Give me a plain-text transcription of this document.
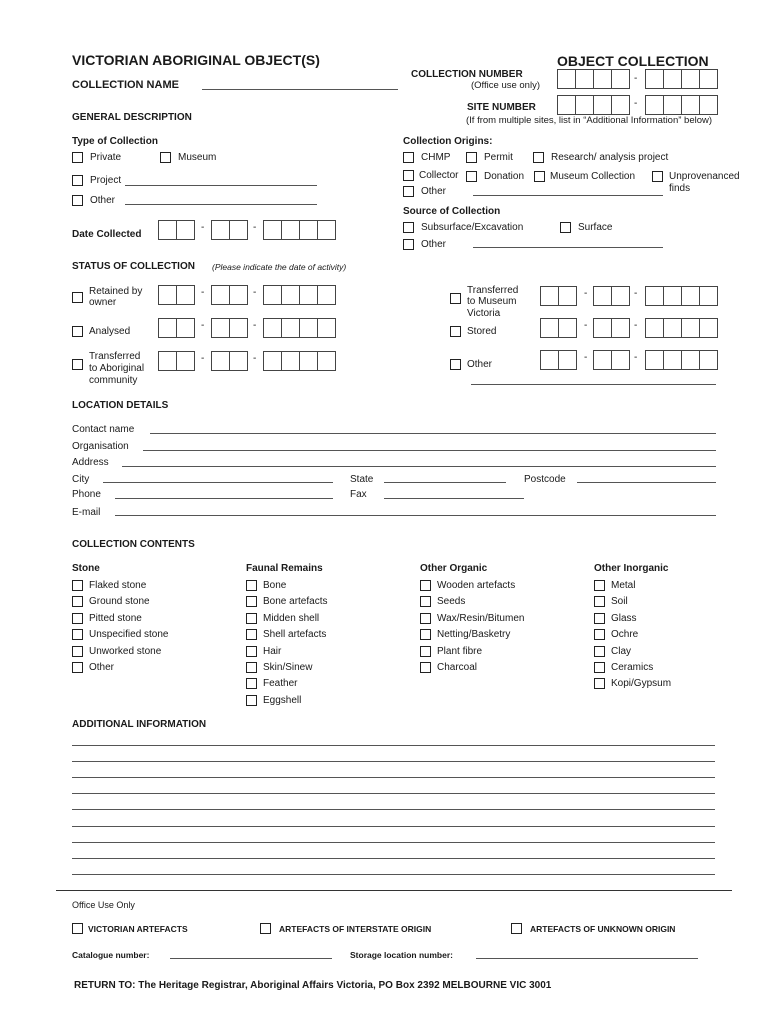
VICTORIAN ABORIGINAL OBJECT(S)	OBJECT COLLECTION
COLLECTION NAME
COLLECTION NUMBER
(Office use only)
-
SITE NUMBER	-
(If from multiple sites, list in “Additional Information” below)
GENERAL DESCRIPTION
Type of Collection
Private	Museum
Project
Other
Collection Origins:
CHMP	Permit	Research/ analysis project
Collector	Donation	Museum Collection	Unprovenanced
finds
Other
Source of Collection
Subsurface/Excavation	Surface
Other
Date Collected
-	-
STATUS OF COLLECTION (Please indicate the date of activity)
Retained by
owner
-	-
Analysed
-	-
Transferred
to Aboriginal
community
-	-
Transferred
to Museum
Victoria
-	-
Stored
-	-
Other
-	-
LOCATION DETAILS
Contact name
Organisation
Address
City	State	Postcode
Phone	Fax
E-mail
COLLECTION CONTENTS
Stone
Flaked stone
Ground stone
Pitted stone
Unspecified stone
Unworked stone
Other
Faunal Remains
Bone
Bone artefacts
Midden shell
Shell artefacts
Hair
Skin/Sinew
Feather
Eggshell
Other Organic
Wooden artefacts
Seeds
Wax/Resin/Bitumen
Netting/Basketry
Plant fibre
Charcoal
Other Inorganic
Metal
Soil
Glass
Ochre
Clay
Ceramics
Kopi/Gypsum
ADDITIONAL INFORMATION
Office Use Only
VICTORIAN ARTEFACTS	ARTEFACTS OF INTERSTATE ORIGIN	ARTEFACTS OF UNKNOWN ORIGIN
Catalogue number:	Storage location number:
RETURN TO: The Heritage Registrar, Aboriginal Affairs Victoria, PO Box 2392 MELBOURNE VIC 3001
